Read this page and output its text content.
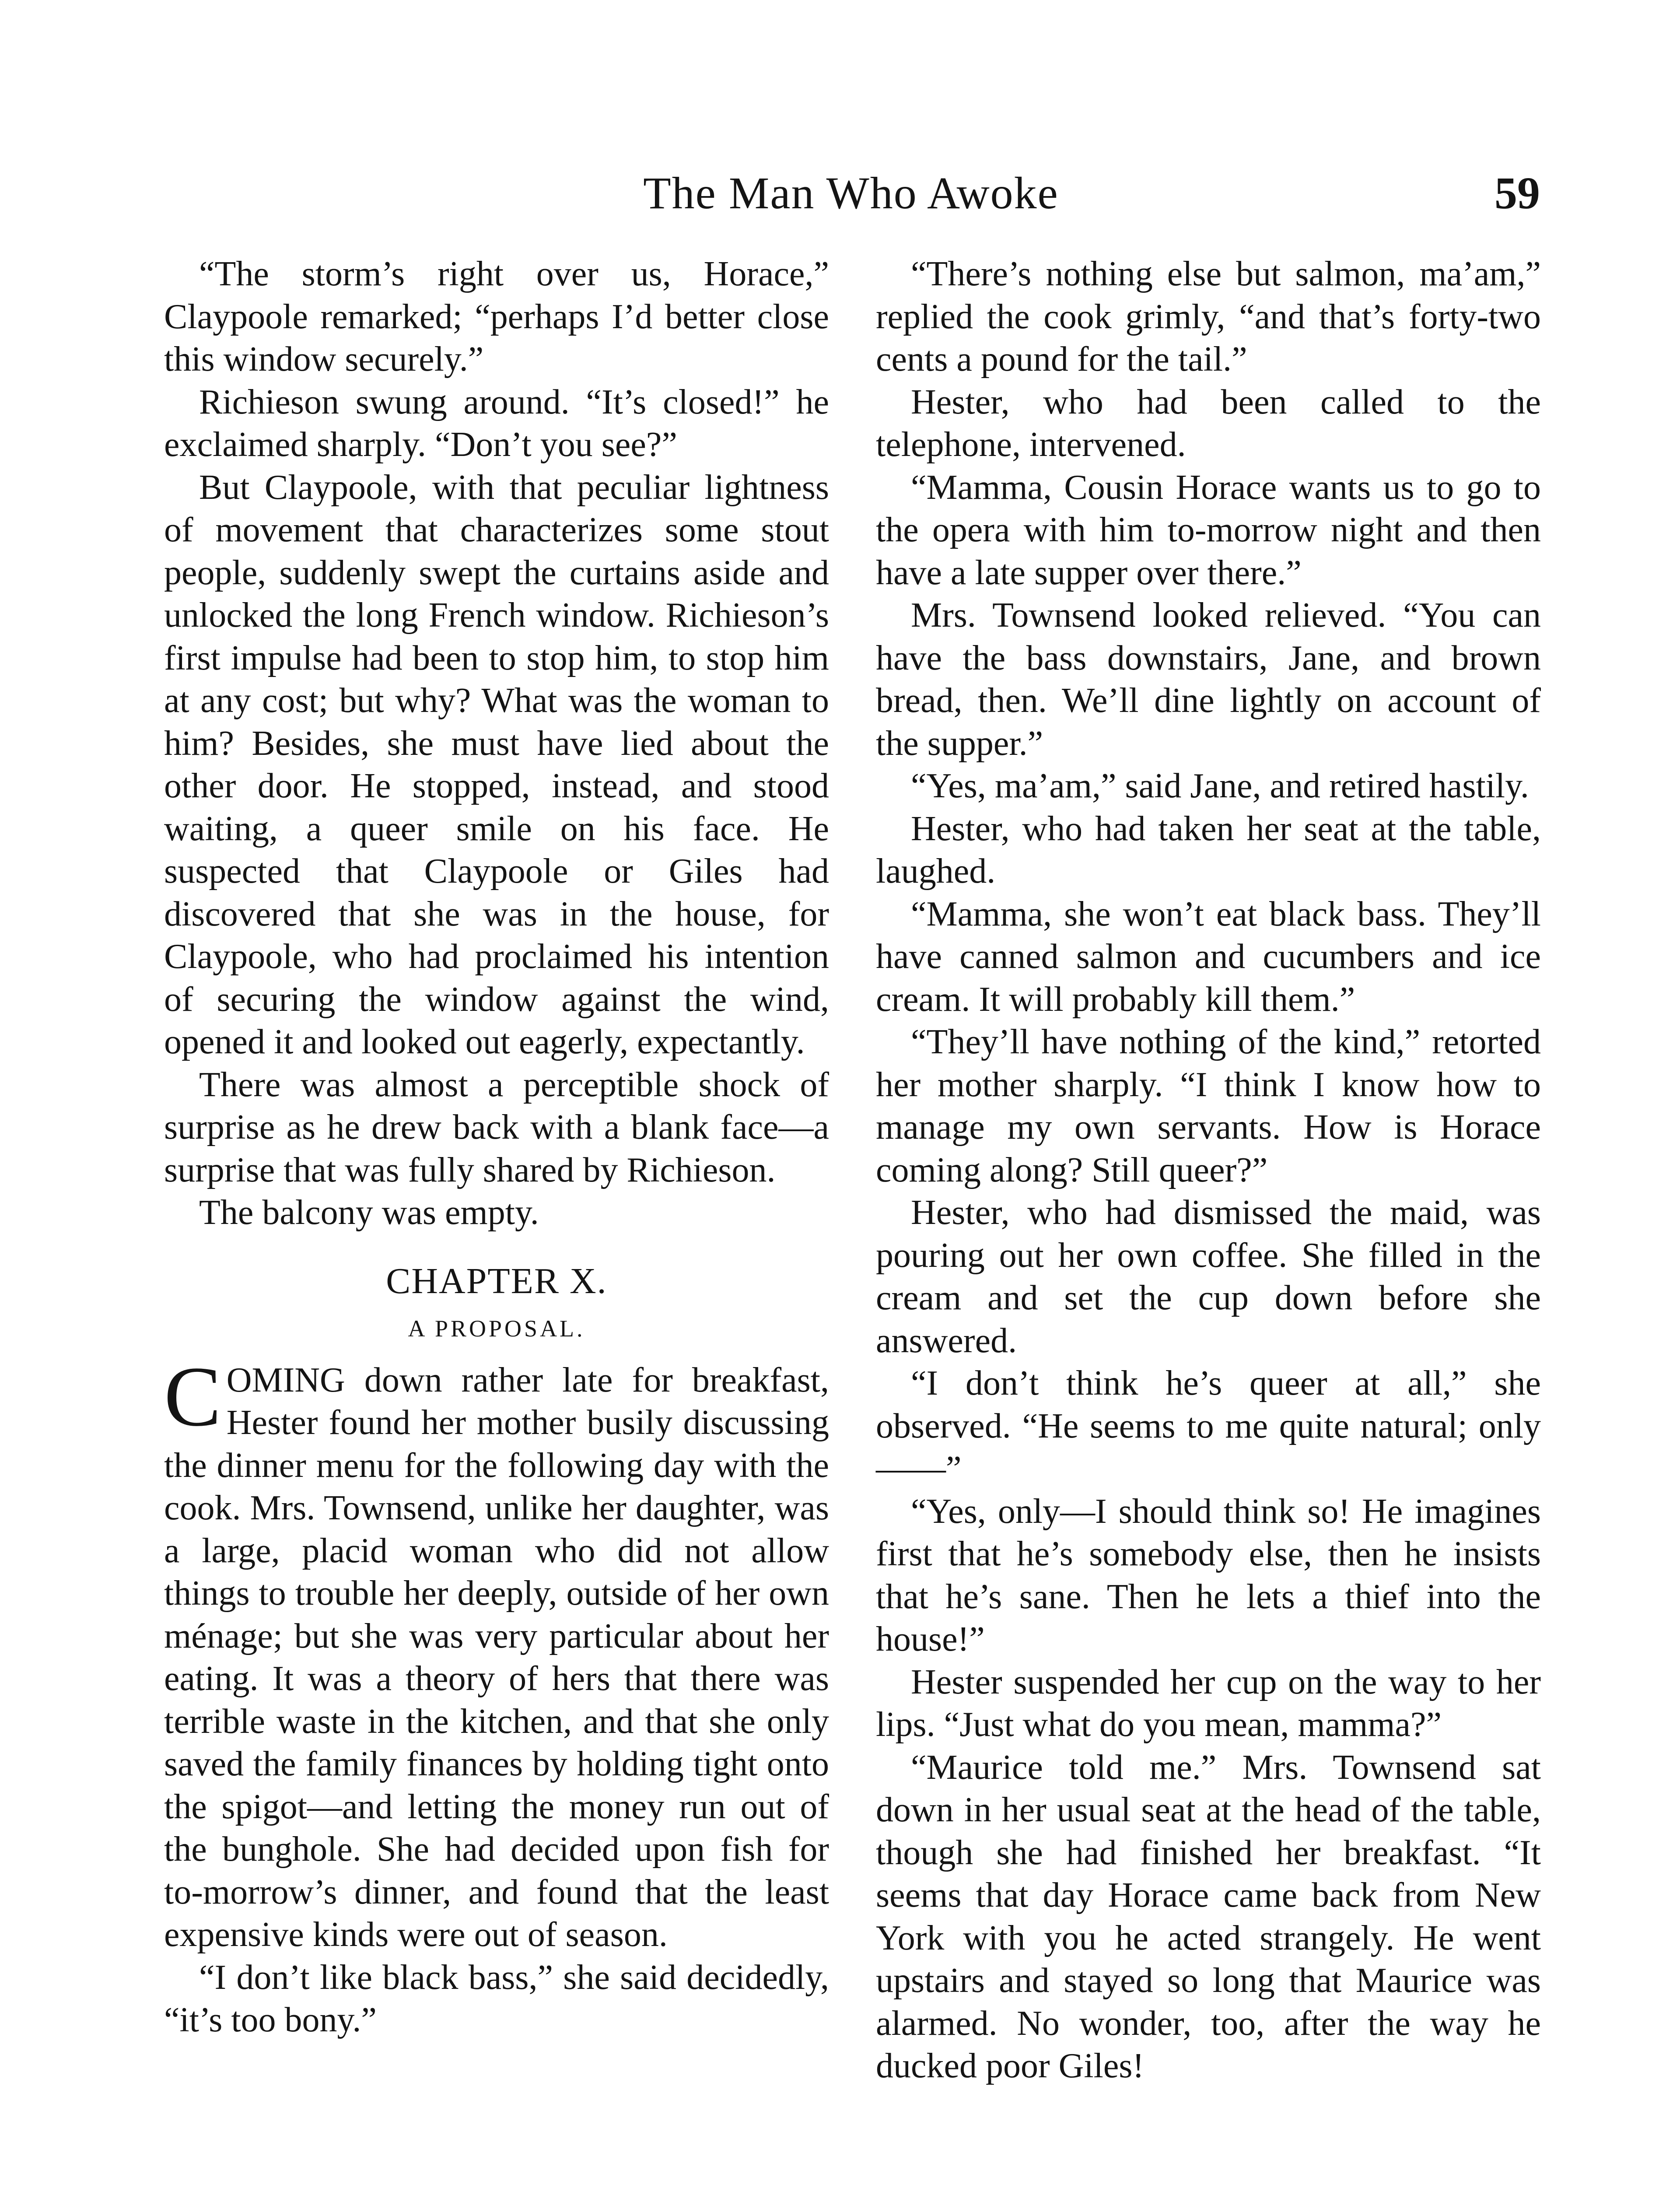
The Man Who Awoke	59

“The storm’s right over us, Horace,” Claypoole remarked; “perhaps I’d better close this window securely.”

Richieson swung around. “It’s closed!” he exclaimed sharply. “Don’t you see?”

But Claypoole, with that peculiar lightness of movement that characterizes some stout people, suddenly swept the curtains aside and unlocked the long French window. Richieson’s first impulse had been to stop him, to stop him at any cost; but why? What was the woman to him? Besides, she must have lied about the other door. He stopped, instead, and stood waiting, a queer smile on his face. He suspected that Claypoole or Giles had discovered that she was in the house, for Claypoole, who had proclaimed his intention of securing the window against the wind, opened it and looked out eagerly, expectantly.

There was almost a perceptible shock of surprise as he drew back with a blank face—a surprise that was fully shared by Richieson.

The balcony was empty.

CHAPTER X.
A PROPOSAL.

COMING down rather late for breakfast, Hester found her mother busily discussing the dinner menu for the following day with the cook. Mrs. Townsend, unlike her daughter, was a large, placid woman who did not allow things to trouble her deeply, outside of her own ménage; but she was very particular about her eating. It was a theory of hers that there was terrible waste in the kitchen, and that she only saved the family finances by holding tight onto the spigot—and letting the money run out of the bunghole. She had decided upon fish for to-morrow’s dinner, and found that the least expensive kinds were out of season.

“I don’t like black bass,” she said decidedly, “it’s too bony.”

“There’s nothing else but salmon, ma’am,” replied the cook grimly, “and that’s forty-two cents a pound for the tail.”

Hester, who had been called to the telephone, intervened.

“Mamma, Cousin Horace wants us to go to the opera with him to-morrow night and then have a late supper over there.”

Mrs. Townsend looked relieved. “You can have the bass downstairs, Jane, and brown bread, then. We’ll dine lightly on account of the supper.”

“Yes, ma’am,” said Jane, and retired hastily.

Hester, who had taken her seat at the table, laughed.

“Mamma, she won’t eat black bass. They’ll have canned salmon and cucumbers and ice cream. It will probably kill them.”

“They’ll have nothing of the kind,” retorted her mother sharply. “I think I know how to manage my own servants. How is Horace coming along? Still queer?”

Hester, who had dismissed the maid, was pouring out her own coffee. She filled in the cream and set the cup down before she answered.

“I don’t think he’s queer at all,” she observed. “He seems to me quite natural; only——”

“Yes, only—I should think so! He imagines first that he’s somebody else, then he insists that he’s sane. Then he lets a thief into the house!”

Hester suspended her cup on the way to her lips. “Just what do you mean, mamma?”

“Maurice told me.” Mrs. Townsend sat down in her usual seat at the head of the table, though she had finished her breakfast. “It seems that day Horace came back from New York with you he acted strangely. He went upstairs and stayed so long that Maurice was alarmed. No wonder, too, after the way he ducked poor Giles!
